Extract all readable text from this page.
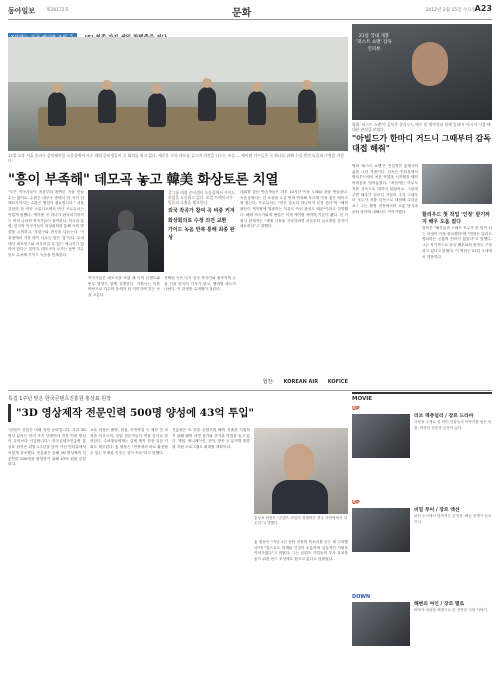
동아일보 제28172호	문화	2012년 2월 15일 수요일
A23

12일 오후 서울 송파구 음악레이블 녹음실에서 가수 데뷔 준비생들이 곡 회의를 하고 있다. 새로운 곡의 데모를 들으며 의견을 나누는 모습 — 케이팝 가수들은 곡 하나를 위해 수십 번의 녹음과 수정을 거친다.
21일 국내 개봉 '퍼스트 쇼맨' 감독 인터뷰
영화 '퍼스트 쇼맨'의 감독은 할리우드 배우 및 제작진과 함께 일하며 '아시아 시장'에 대한 관심을 보였다.
"아빌드가 한마디 거드니 그때부터 감독대접 해줘"
"흥이 부족해" 데모곡 놓고 韓美 화상토론 치열
"모든 작곡가들이 처음부터 완벽한 곡을 만들 수는 없어요. 수많은 데모곡 중에서 한 곡이 선택되기까지는 수많은 협업이 필요합니다." 서울 강남의 한 작곡 스튜디오에서 만난 프로듀서는 이렇게 말했다. 케이팝 곡 하나가 완성되기까지는 여러 나라의 작곡가들이 참여한다. 미국과 유럽, 한국의 작곡가들이 화상회의를 통해 곡의 방향을 논의하고, 후렴구와 편곡을 다듬는다. 이 과정에서 가장 많이 나오는 말은 '흥'이다. 무대에서 퍼포먼스와 어우러질 수 있는 에너지가 있어야 한다는 것이다. 데모곡이 오가는 동안 가수들도 수차례 가이드 녹음을 반복한다.
걸그룹 데뷔 준비생이 녹음실에서 가이드 보컬을 녹음하고 있다. 보컬 트레이너가 발음과 호흡을 체크한다.
외국 작곡가 참여 곡 비중 커져
화상회의로 수정 의견 교환
가이드 녹음 반복 통해 최종 완성
작곡가들은 데모곡을 보낼 때 곡의 콘셉트와 안무 방향도 함께 설명한다. 기획사는 이를 바탕으로 가수의 음색과 팀 이미지에 맞는 곡을 고른다.
선택된 곡은 다시 한국 작곡가와 편곡자의 손을 거쳐 한국어 가사가 붙고, 멤버별 파트가 나뉜다. 이 과정만 수개월이 걸린다.
데뷔를 앞둔 연습생들은 하루 10시간 이상 노래와 춤을 연습한다. 녹음실에서는 한 소절을 수십 번씩 반복해 부르며 가장 좋은 테이크를 찾는다. 프로듀서는 "작은 숨소리 하나까지 신경 쓴다"며 "해외 팬들이 케이팝에 열광하는 이유도 이런 완성도 때문"이라고 설명했다. 해외 작곡가와의 협업은 이제 케이팝 제작의 기본이 됐다. 한 기획사 관계자는 "세계 시장을 겨냥하려면 처음부터 글로벌한 감각이 필요하다"고 말했다.
영화 '퍼스트 쇼맨'은 전설적인 흥행사의 삶을 그린 작품이다. 감독은 인터뷰에서 할리우드에서 처음 작업을 시작했을 때의 어려움을 털어놓았다. "처음에는 아무도 저를 감독으로 대하지 않았어요. 그런데 주연 배우가 한마디 거들어 주자 그때부터 모두가 저를 감독으로 대접해 주더군요." 그는 촬영 현장에서의 소통 방식과 문화 차이에 대해서도 이야기했다.
할리우드 첫 작업 '인정' 받기까지 배우 도움 컸다
감독은 "배우들과 스태프 모두가 한 팀이 되는 과정이 가장 중요했다"며 "언어는 달라도 영화라는 공통의 언어가 있었다"고 말했다. 그는 차기작으로 한국 배우와의 합작도 구상하고 있다고 밝혔다. 이 영화는 21일 국내에서 개봉한다.
협찬: KOREAN AIR KOFICE
특집 1주년 맞은 한국콘텐츠진흥원 홍상표 원장
"3D 영상제작 전문인력 500명 양성에 43억 투입"
"콘텐츠 산업은 미래 성장 동력입니다. 특히 3D 영상 분야는 아직 초기 단계여서 전문 인력 양성이 무엇보다 시급합니다." 한국콘텐츠진흥원 홍상표 원장은 취임 1주년을 맞아 가진 인터뷰에서 이렇게 강조했다. 진흥원은 올해 3D 영상제작 전문인력 500명을 양성하기 위해 43억 원을 투입한다.
교육 과정은 촬영, 편집, 후반작업 등 제작 전 과정을 아우르며, 현업 전문가들이 직접 강사로 참여한다. 수료생들에게는 실제 제작 현장 실습 기회도 제공된다. 홍 원장은 "현장에서 바로 활용할 수 있는 인재를 키우는 것이 목표"라고 말했다.
진흥원은 또 한류 콘텐츠의 해외 진출을 지원하기 위해 해외 마켓 참가와 현지화 작업을 돕고 있다. 게임, 애니메이션, 음악, 방송 등 분야별 맞춤형 지원 프로그램도 확대할 계획이다.
홍상표 원장은 "콘텐츠 산업의 경쟁력은 결국 사람에게서 나온다"고 말했다.
홍 원장은 "지난 1년 동안 현장의 목소리를 듣는 데 주력했다"며 "앞으로도 업계와 긴밀히 소통하며 실질적인 지원을 이어가겠다"고 밝혔다. 그는 콘텐츠 기업들의 투자 유치를 돕기 위한 펀드 조성에도 힘쓰고 있다고 덧붙였다.
MOVIE
UP
러브 액츄얼리 / 장르 드라마
사랑을 주제로 한 여러 인물들의 이야기를 담은 작품. 따뜻한 감동과 웃음이 있다.
UP
비밀 투어 / 장르 액션
낯선 도시에서 벌어지는 추격전. 빠른 전개가 돋보인다.
DOWN
해변의 여인 / 장르 멜로
바닷가 마을을 배경으로 한 잔잔한 사랑 이야기.
